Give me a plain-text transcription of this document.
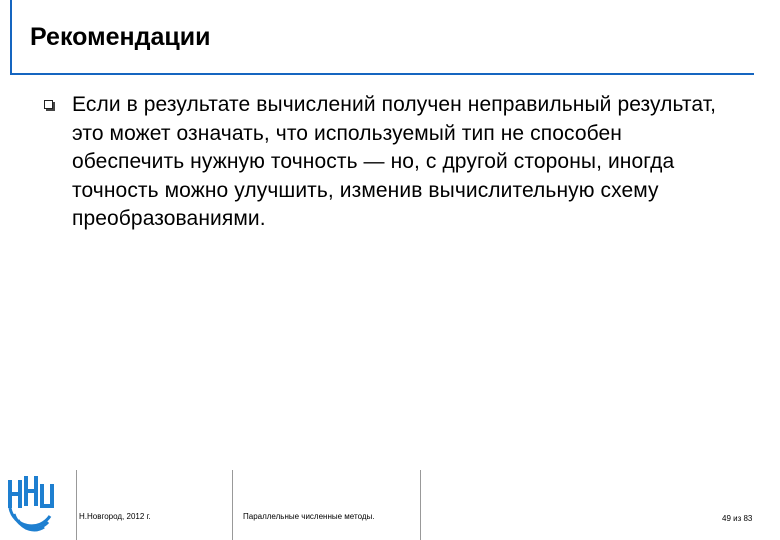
Рекомендации
Если в результате вычислений получен неправильный результат, это может означать, что используемый тип не способен обеспечить нужную точность — но, с другой стороны, иногда точность можно улучшить, изменив вычислительную схему преобразованиями.
Н.Новгород, 2012 г.	Параллельные численные методы.	49 из 83
